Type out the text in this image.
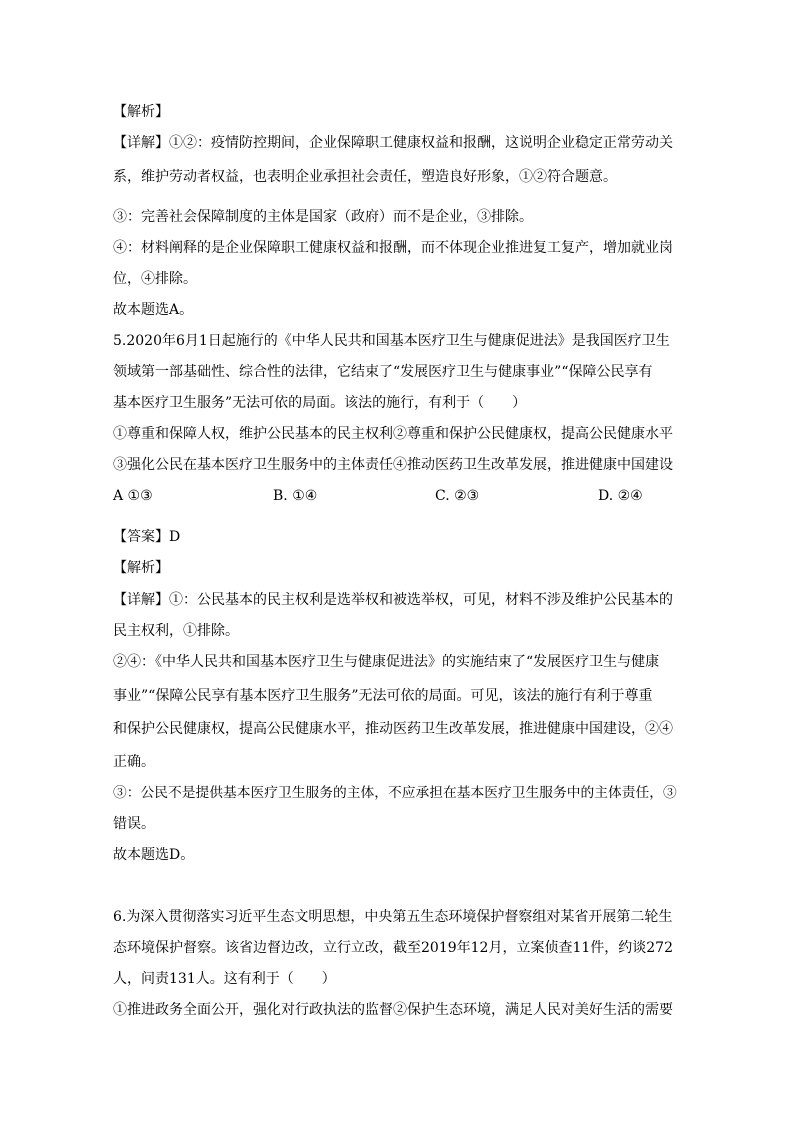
【解析】
【详解】①②：疫情防控期间，企业保障职工健康权益和报酬，这说明企业稳定正常劳动关
系，维护劳动者权益，也表明企业承担社会责任，塑造良好形象，①②符合题意。
③：完善社会保障制度的主体是国家（政府）而不是企业，③排除。
④：材料阐释的是企业保障职工健康权益和报酬，而不体现企业推进复工复产，增加就业岗
位，④排除。
故本题选A。
5.2020年6月1日起施行的《中华人民共和国基本医疗卫生与健康促进法》是我国医疗卫生
领域第一部基础性、综合性的法律，它结束了“发展医疗卫生与健康事业”“保障公民享有
基本医疗卫生服务”无法可依的局面。该法的施行，有利于（　　）
①尊重和保障人权，维护公民基本的民主权利②尊重和保护公民健康权，提高公民健康水平
③强化公民在基本医疗卫生服务中的主体责任④推动医药卫生改革发展，推进健康中国建设
A ①③	B. ①④	C. ②③	D. ②④
【答案】D
【解析】
【详解】①：公民基本的民主权利是选举权和被选举权，可见，材料不涉及维护公民基本的
民主权利，①排除。
②④：《中华人民共和国基本医疗卫生与健康促进法》的实施结束了“发展医疗卫生与健康
事业”“保障公民享有基本医疗卫生服务”无法可依的局面。可见，该法的施行有利于尊重
和保护公民健康权，提高公民健康水平，推动医药卫生改革发展，推进健康中国建设，②④
正确。
③：公民不是提供基本医疗卫生服务的主体，不应承担在基本医疗卫生服务中的主体责任，③
错误。
故本题选D。
6.为深入贯彻落实习近平生态文明思想，中央第五生态环境保护督察组对某省开展第二轮生
态环境保护督察。该省边督边改，立行立改，截至2019年12月，立案侦查11件，约谈272
人，问责131人。这有利于（　　）
①推进政务全面公开，强化对行政执法的监督②保护生态环境，满足人民对美好生活的需要
